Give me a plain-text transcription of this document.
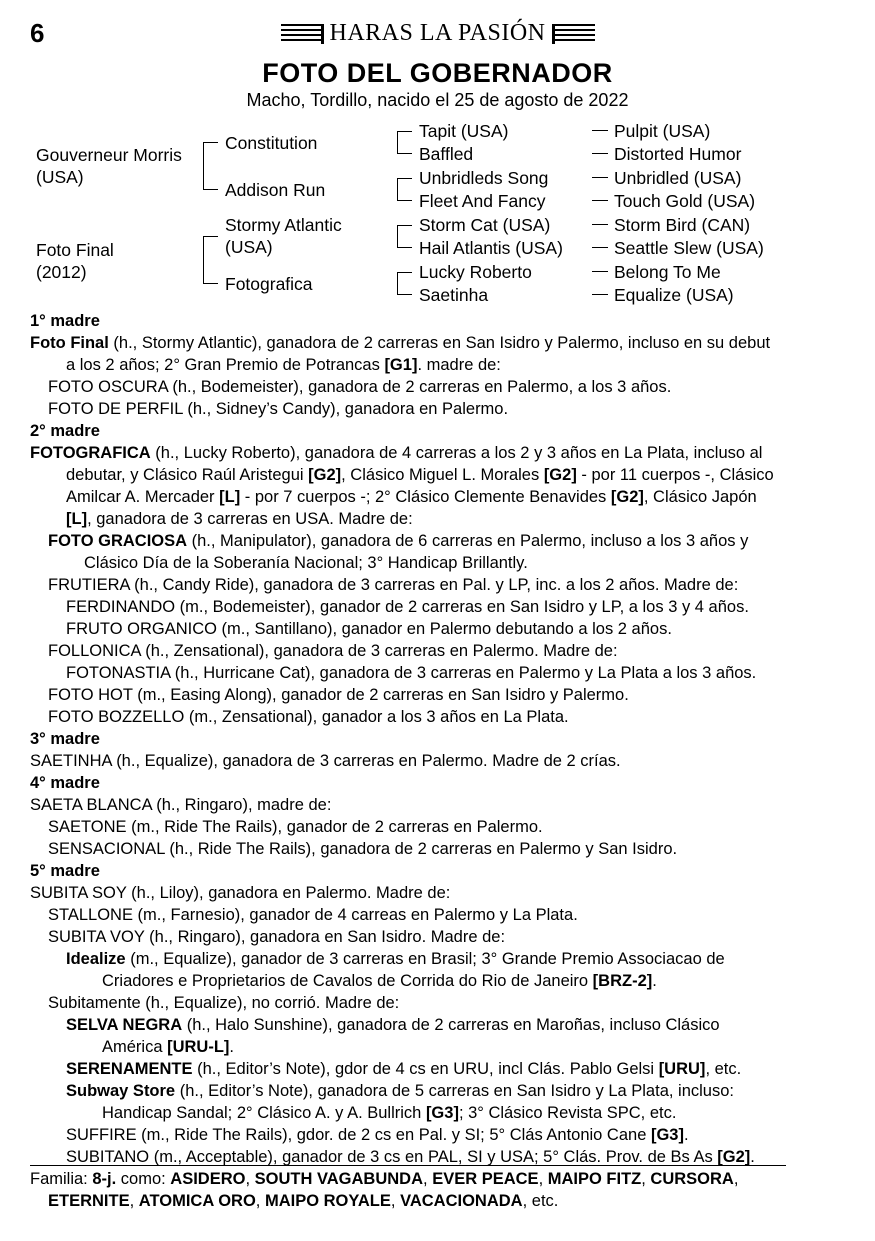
6	HARAS LA PASIÓN
FOTO DEL GOBERNADOR
Macho, Tordillo, nacido el 25 de agosto de 2022
Gouverneur Morris
(USA)
Foto Final
(2012)
Constitution
Addison Run
Stormy Atlantic
(USA)
Fotografica
Tapit (USA)
Baffled
Unbridleds Song
Fleet And Fancy
Storm Cat (USA)
Hail Atlantis (USA)
Lucky Roberto
Saetinha
Pulpit (USA)
Distorted Humor
Unbridled (USA)
Touch Gold (USA)
Storm Bird (CAN)
Seattle Slew (USA)
Belong To Me
Equalize (USA)
1° madre
Foto Final (h., Stormy Atlantic), ganadora de 2 carreras en San Isidro y Palermo, incluso en su debut
a los 2 años; 2° Gran Premio de Potrancas [G1]. madre de:
FOTO OSCURA (h., Bodemeister), ganadora de 2 carreras en Palermo, a los 3 años.
FOTO DE PERFIL (h., Sidney’s Candy), ganadora en Palermo.
2° madre
FOTOGRAFICA (h., Lucky Roberto), ganadora de 4 carreras a los 2 y 3 años en La Plata, incluso al
debutar, y Clásico Raúl Aristegui [G2], Clásico Miguel L. Morales [G2] - por 11 cuerpos -, Clásico
Amilcar A. Mercader [L] - por 7 cuerpos -; 2° Clásico Clemente Benavides [G2], Clásico Japón
[L], ganadora de 3 carreras en USA. Madre de:
FOTO GRACIOSA (h., Manipulator), ganadora de 6 carreras en Palermo, incluso a los 3 años y
Clásico Día de la Soberanía Nacional; 3° Handicap Brillantly.
FRUTIERA (h., Candy Ride), ganadora de 3 carreras en Pal. y LP, inc. a los 2 años. Madre de:
FERDINANDO (m., Bodemeister), ganador de 2 carreras en San Isidro y LP, a los 3 y 4 años.
FRUTO ORGANICO (m., Santillano), ganador en Palermo debutando a los 2 años.
FOLLONICA (h., Zensational), ganadora de 3 carreras en Palermo. Madre de:
FOTONASTIA (h., Hurricane Cat), ganadora de 3 carreras en Palermo y La Plata a los 3 años.
FOTO HOT (m., Easing Along), ganador de 2 carreras en San Isidro y Palermo.
FOTO BOZZELLO (m., Zensational), ganador a los 3 años en La Plata.
3° madre
SAETINHA (h., Equalize), ganadora de 3 carreras en Palermo. Madre de 2 crías.
4° madre
SAETA BLANCA (h., Ringaro), madre de:
SAETONE (m., Ride The Rails), ganador de 2 carreras en Palermo.
SENSACIONAL (h., Ride The Rails), ganadora de 2 carreras en Palermo y San Isidro.
5° madre
SUBITA SOY (h., Liloy), ganadora en Palermo. Madre de:
STALLONE (m., Farnesio), ganador de 4 carreas en Palermo y La Plata.
SUBITA VOY (h., Ringaro), ganadora en San Isidro. Madre de:
Idealize (m., Equalize), ganador de 3 carreras en Brasil; 3° Grande Premio Associacao de
Criadores e Proprietarios de Cavalos de Corrida do Rio de Janeiro [BRZ-2].
Subitamente (h., Equalize), no corrió. Madre de:
SELVA NEGRA (h., Halo Sunshine), ganadora de 2 carreras en Maroñas, incluso Clásico
América [URU-L].
SERENAMENTE (h., Editor’s Note), gdor de 4 cs en URU, incl Clás. Pablo Gelsi [URU], etc.
Subway Store (h., Editor’s Note), ganadora de 5 carreras en San Isidro y La Plata, incluso:
Handicap Sandal; 2° Clásico A. y A. Bullrich [G3]; 3° Clásico Revista SPC, etc.
SUFFIRE (m., Ride The Rails), gdor. de 2 cs en Pal. y SI; 5° Clás Antonio Cane [G3].
SUBITANO (m., Acceptable), ganador de 3 cs en PAL, SI y USA; 5° Clás. Prov. de Bs As [G2].
Familia: 8-j. como: ASIDERO, SOUTH VAGABUNDA, EVER PEACE, MAIPO FITZ, CURSORA,
ETERNITE, ATOMICA ORO, MAIPO ROYALE, VACACIONADA, etc.
